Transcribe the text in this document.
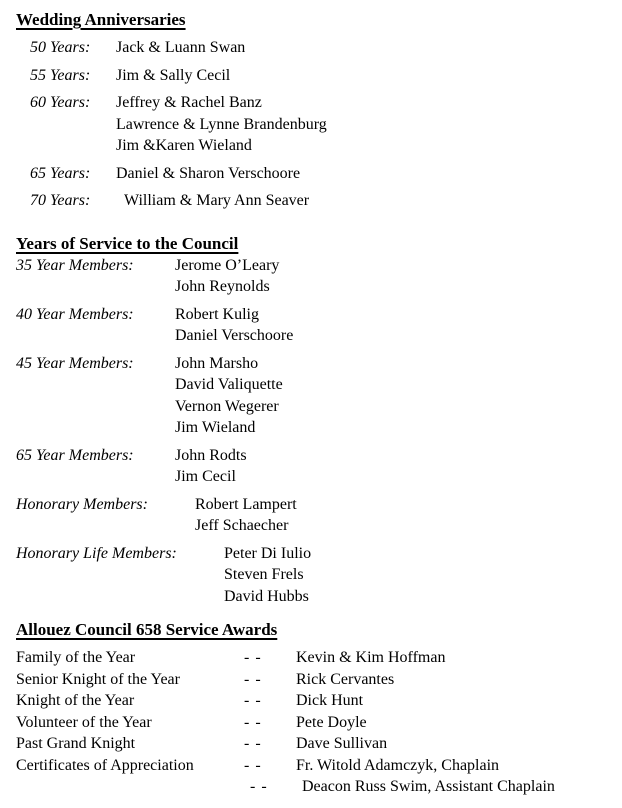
Wedding Anniversaries
50 Years:	Jack & Luann Swan
55 Years:	Jim & Sally Cecil
60 Years:	Jeffrey & Rachel Banz
Lawrence & Lynne Brandenburg
Jim &Karen Wieland
65 Years:	Daniel & Sharon Verschoore
70 Years:	William & Mary Ann Seaver
Years of Service to the Council
35 Year Members:	Jerome O’Leary
John Reynolds
40 Year Members:	Robert Kulig
Daniel Verschoore
45 Year Members:	John Marsho
David Valiquette
Vernon Wegerer
Jim Wieland
65 Year Members:	John Rodts
Jim Cecil
Honorary Members:	Robert Lampert
Jeff Schaecher
Honorary Life Members:	Peter Di Iulio
Steven Frels
David Hubbs
Allouez Council 658 Service Awards
Family of the Year	- -	Kevin & Kim Hoffman
Senior Knight of the Year	- -	Rick Cervantes
Knight of the Year	- -	Dick Hunt
Volunteer of the Year	- -	Pete Doyle
Past Grand Knight	- -	Dave Sullivan
Certificates of Appreciation	- -	Fr. Witold Adamczyk, Chaplain
- -	Deacon Russ Swim, Assistant Chaplain
